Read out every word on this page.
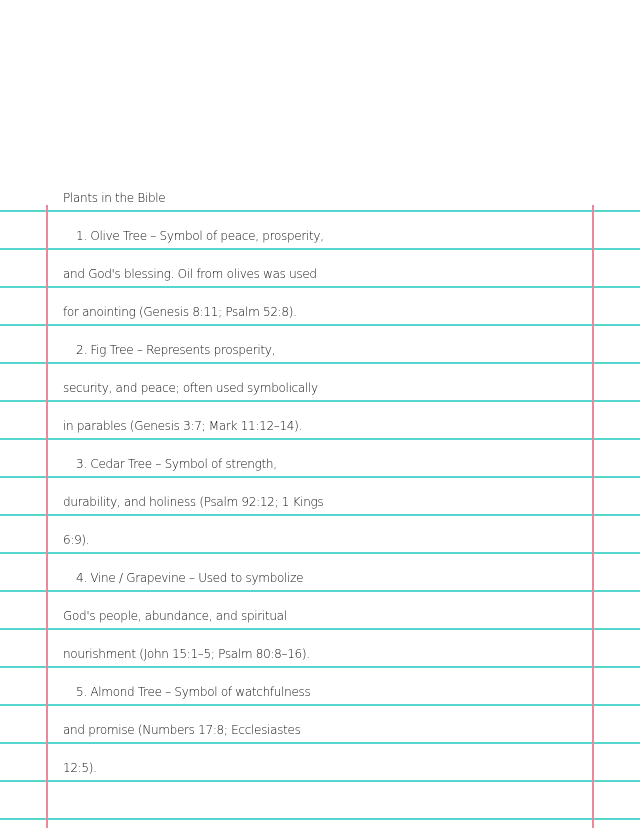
Plants in the Bible
1. Olive Tree – Symbol of peace, prosperity,
and God's blessing. Oil from olives was used
for anointing (Genesis 8:11; Psalm 52:8).
2. Fig Tree – Represents prosperity,
security, and peace; often used symbolically
in parables (Genesis 3:7; Mark 11:12–14).
3. Cedar Tree – Symbol of strength,
durability, and holiness (Psalm 92:12; 1 Kings
6:9).
4. Vine / Grapevine – Used to symbolize
God's people, abundance, and spiritual
nourishment (John 15:1–5; Psalm 80:8–16).
5. Almond Tree – Symbol of watchfulness
and promise (Numbers 17:8; Ecclesiastes
12:5).
